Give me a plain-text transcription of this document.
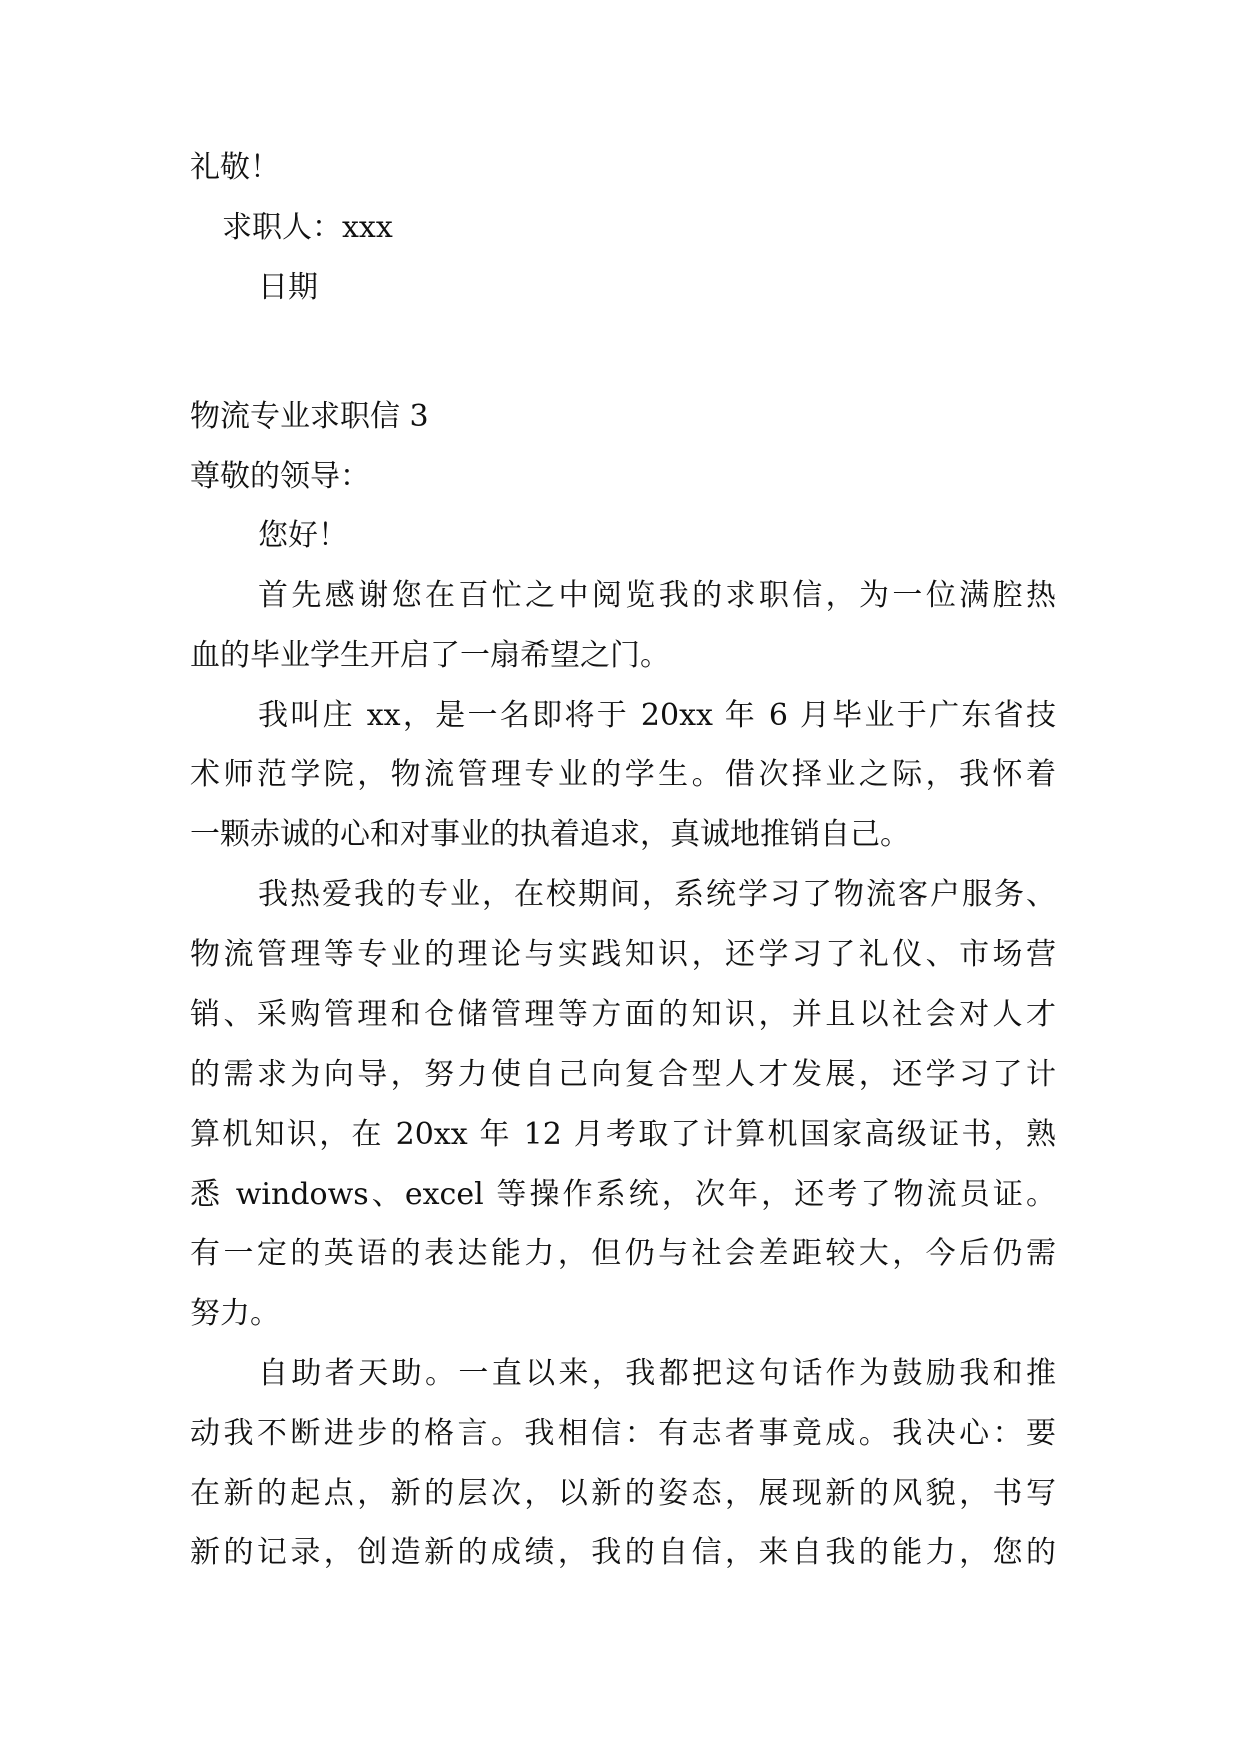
礼敬！
求职人：xxx
日期
物流专业求职信 3
尊敬的领导：
您好！
首先感谢您在百忙之中阅览我的求职信，为一位满腔热
血的毕业学生开启了一扇希望之门。
我叫庄 xx，是一名即将于 20xx 年 6 月毕业于广东省技
术师范学院，物流管理专业的学生。借次择业之际，我怀着
一颗赤诚的心和对事业的执着追求，真诚地推销自己。
我热爱我的专业，在校期间，系统学习了物流客户服务、
物流管理等专业的理论与实践知识，还学习了礼仪、市场营
销、采购管理和仓储管理等方面的知识，并且以社会对人才
的需求为向导，努力使自己向复合型人才发展，还学习了计
算机知识，在 20xx 年 12 月考取了计算机国家高级证书，熟
悉 windows、excel 等操作系统，次年，还考了物流员证。
有一定的英语的表达能力，但仍与社会差距较大，今后仍需
努力。
自助者天助。一直以来，我都把这句话作为鼓励我和推
动我不断进步的格言。我相信：有志者事竟成。我决心：要
在新的起点，新的层次，以新的姿态，展现新的风貌，书写
新的记录，创造新的成绩，我的自信，来自我的能力，您的
